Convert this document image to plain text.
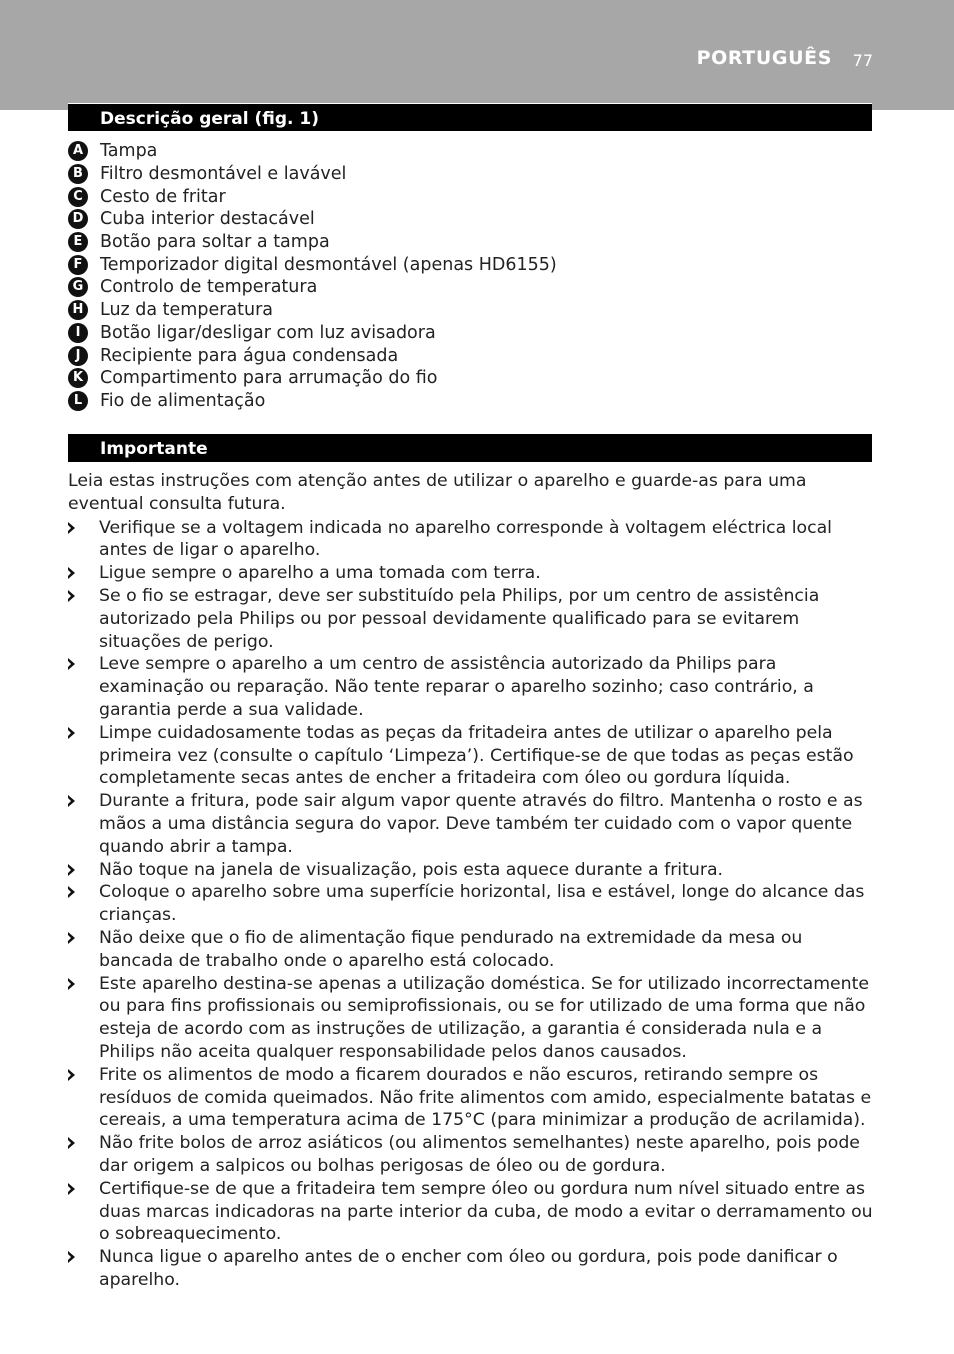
PORTUGUÊS 77
Descrição geral (fig. 1)
A Tampa
B Filtro desmontável e lavável
C Cesto de fritar
D Cuba interior destacável
E	Botão para soltar a tampa
F	Temporizador digital desmontável (apenas HD6155)
G Controlo de temperatura
H Luz da temperatura
I	Botão ligar/desligar com luz avisadora
J	Recipiente para água condensada
K Compartimento para arrumação do fio
L	Fio de alimentação
Importante

Leia estas instruções com atenção antes de utilizar o aparelho e guarde-as para uma eventual consulta futura.

Verifique se a voltagem indicada no aparelho corresponde à voltagem eléctrica local antes de ligar o aparelho.
Ligue sempre o aparelho a uma tomada com terra.
Se o fio se estragar, deve ser substituído pela Philips, por um centro de assistência autorizado pela Philips ou por pessoal devidamente qualificado para se evitarem situações de perigo.
Leve sempre o aparelho a um centro de assistência autorizado da Philips para examinação ou reparação. Não tente reparar o aparelho sozinho; caso contrário, a garantia perde a sua validade.
Limpe cuidadosamente todas as peças da fritadeira antes de utilizar o aparelho pela primeira vez (consulte o capítulo ‘Limpeza’). Certifique-se de que todas as peças estão completamente secas antes de encher a fritadeira com óleo ou gordura líquida.
Durante a fritura, pode sair algum vapor quente através do filtro. Mantenha o rosto e as mãos a uma distância segura do vapor. Deve também ter cuidado com o vapor quente quando abrir a tampa.
Não toque na janela de visualização, pois esta aquece durante a fritura.
Coloque o aparelho sobre uma superfície horizontal, lisa e estável, longe do alcance das crianças.
Não deixe que o fio de alimentação fique pendurado na extremidade da mesa ou bancada de trabalho onde o aparelho está colocado.
Este aparelho destina-se apenas a utilização doméstica. Se for utilizado incorrectamente ou para fins profissionais ou semiprofissionais, ou se for utilizado de uma forma que não esteja de acordo com as instruções de utilização, a garantia é considerada nula e a Philips não aceita qualquer responsabilidade pelos danos causados.
Frite os alimentos de modo a ficarem dourados e não escuros, retirando sempre os resíduos de comida queimados. Não frite alimentos com amido, especialmente batatas e cereais, a uma temperatura acima de 175°C (para minimizar a produção de acrilamida).
Não frite bolos de arroz asiáticos (ou alimentos semelhantes) neste aparelho, pois pode dar origem a salpicos ou bolhas perigosas de óleo ou de gordura.
Certifique-se de que a fritadeira tem sempre óleo ou gordura num nível situado entre as duas marcas indicadoras na parte interior da cuba, de modo a evitar o derramamento ou o sobreaquecimento.
Nunca ligue o aparelho antes de o encher com óleo ou gordura, pois pode danificar o aparelho.
